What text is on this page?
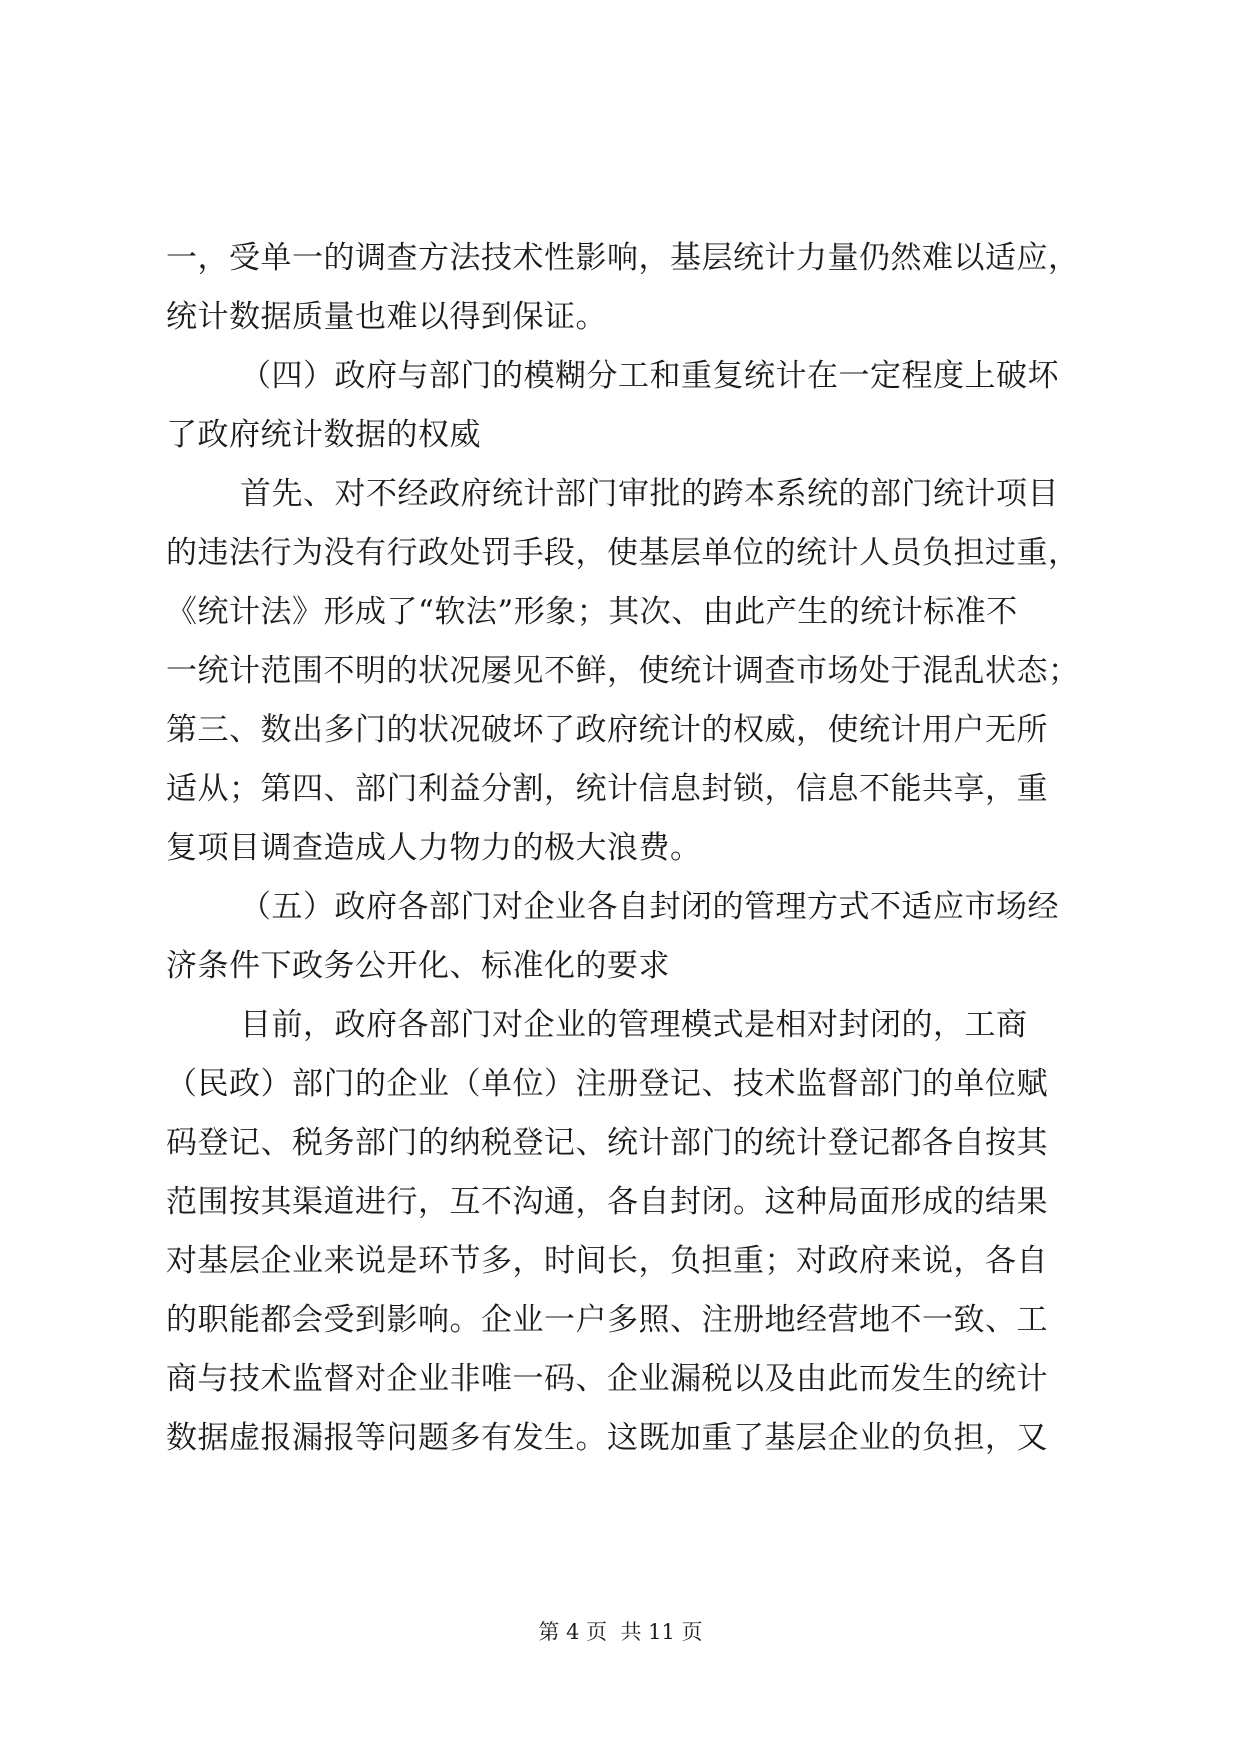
一，受单一的调查方法技术性影响，基层统计力量仍然难以适应，
统计数据质量也难以得到保证。
（四）政府与部门的模糊分工和重复统计在一定程度上破坏
了政府统计数据的权威
首先、对不经政府统计部门审批的跨本系统的部门统计项目
的违法行为没有行政处罚手段，使基层单位的统计人员负担过重，
《统计法》形成了“软法”形象；其次、由此产生的统计标准不
一统计范围不明的状况屡见不鲜，使统计调查市场处于混乱状态；
第三、数出多门的状况破坏了政府统计的权威，使统计用户无所
适从；第四、部门利益分割，统计信息封锁，信息不能共享，重
复项目调查造成人力物力的极大浪费。
（五）政府各部门对企业各自封闭的管理方式不适应市场经
济条件下政务公开化、标准化的要求
目前，政府各部门对企业的管理模式是相对封闭的，工商
（民政）部门的企业（单位）注册登记、技术监督部门的单位赋
码登记、税务部门的纳税登记、统计部门的统计登记都各自按其
范围按其渠道进行，互不沟通，各自封闭。这种局面形成的结果
对基层企业来说是环节多，时间长，负担重；对政府来说，各自
的职能都会受到影响。企业一户多照、注册地经营地不一致、工
商与技术监督对企业非唯一码、企业漏税以及由此而发生的统计
数据虚报漏报等问题多有发生。这既加重了基层企业的负担，又
第 4 页  共 11 页
